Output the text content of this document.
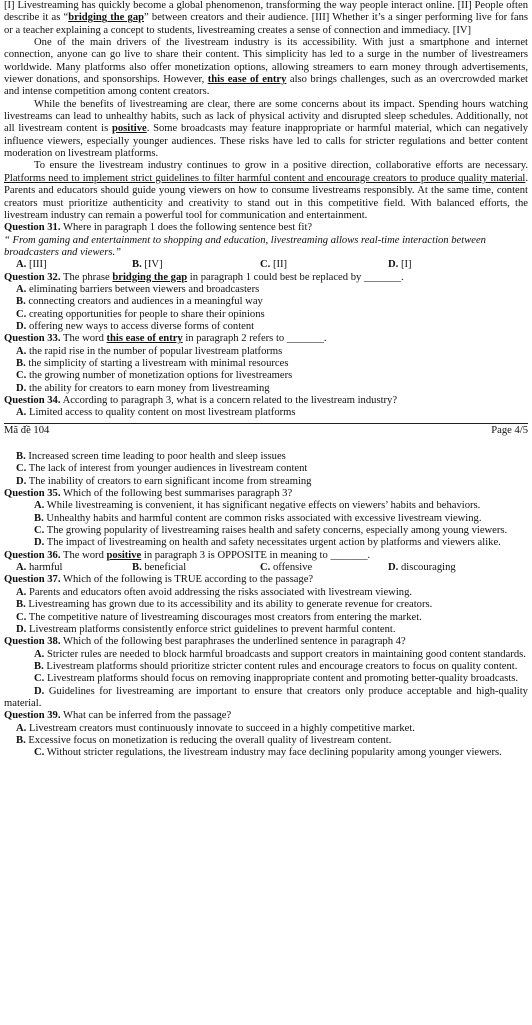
[I] Livestreaming has quickly become a global phenomenon, transforming the way people interact online. [II] People often describe it as “bridging the gap” between creators and their audience. [III] Whether it’s a singer performing live for fans or a teacher explaining a concept to students, livestreaming creates a sense of connection and immediacy. [IV]

One of the main drivers of the livestream industry is its accessibility. With just a smartphone and internet connection, anyone can go live to share their content. This simplicity has led to a surge in the number of livestreamers worldwide. Many platforms also offer monetization options, allowing streamers to earn money through advertisements, viewer donations, and sponsorships. However, this ease of entry also brings challenges, such as an overcrowded market and intense competition among content creators.

While the benefits of livestreaming are clear, there are some concerns about its impact. Spending hours watching livestreams can lead to unhealthy habits, such as lack of physical activity and disrupted sleep schedules. Additionally, not all livestream content is positive. Some broadcasts may feature inappropriate or harmful material, which can negatively influence viewers, especially younger audiences. These risks have led to calls for stricter regulations and better content moderation on livestream platforms.

To ensure the livestream industry continues to grow in a positive direction, collaborative efforts are necessary. Platforms need to implement strict guidelines to filter harmful content and encourage creators to produce quality material. Parents and educators should guide young viewers on how to consume livestreams responsibly. At the same time, content creators must prioritize authenticity and creativity to stand out in this competitive field. With balanced efforts, the livestream industry can remain a powerful tool for communication and entertainment.

Question 31. Where in paragraph 1 does the following sentence best fit?
“ From gaming and entertainment to shopping and education, livestreaming allows real-time interaction between broadcasters and viewers.”
A. [III]	B. [IV]	C. [II]	D. [I]
Question 32. The phrase bridging the gap in paragraph 1 could best be replaced by _______.
A. eliminating barriers between viewers and broadcasters
B. connecting creators and audiences in a meaningful way
C. creating opportunities for people to share their opinions
D. offering new ways to access diverse forms of content
Question 33. The word this ease of entry in paragraph 2 refers to _______.
A. the rapid rise in the number of popular livestream platforms
B. the simplicity of starting a livestream with minimal resources
C. the growing number of monetization options for livestreamers
D. the ability for creators to earn money from livestreaming
Question 34. According to paragraph 3, what is a concern related to the livestream industry?
A. Limited access to quality content on most livestream platforms
Mã đề 104	Page 4/5
B. Increased screen time leading to poor health and sleep issues
C. The lack of interest from younger audiences in livestream content
D. The inability of creators to earn significant income from streaming
Question 35. Which of the following best summarises paragraph 3?

A. While livestreaming is convenient, it has significant negative effects on viewers’ habits and behaviors.

B. Unhealthy habits and harmful content are common risks associated with excessive livestream viewing.

C. The growing popularity of livestreaming raises health and safety concerns, especially among young viewers.

D. The impact of livestreaming on health and safety necessitates urgent action by platforms and viewers alike.

Question 36. The word positive in paragraph 3 is OPPOSITE in meaning to _______.
A. harmful	B. beneficial	C. offensive	D. discouraging
Question 37. Which of the following is TRUE according to the passage?
A. Parents and educators often avoid addressing the risks associated with livestream viewing.
B. Livestreaming has grown due to its accessibility and its ability to generate revenue for creators.
C. The competitive nature of livestreaming discourages most creators from entering the market.
D. Livestream platforms consistently enforce strict guidelines to prevent harmful content.
Question 38. Which of the following best paraphrases the underlined sentence in paragraph 4?

A. Stricter rules are needed to block harmful broadcasts and support creators in maintaining good content standards.

B. Livestream platforms should prioritize stricter content rules and encourage creators to focus on quality content.

C. Livestream platforms should focus on removing inappropriate content and promoting better-quality broadcasts.

D. Guidelines for livestreaming are important to ensure that creators only produce acceptable and high-quality material.

Question 39. What can be inferred from the passage?
A. Livestream creators must continuously innovate to succeed in a highly competitive market.
B. Excessive focus on monetization is reducing the overall quality of livestream content.

C. Without stricter regulations, the livestream industry may face declining popularity among younger viewers.
